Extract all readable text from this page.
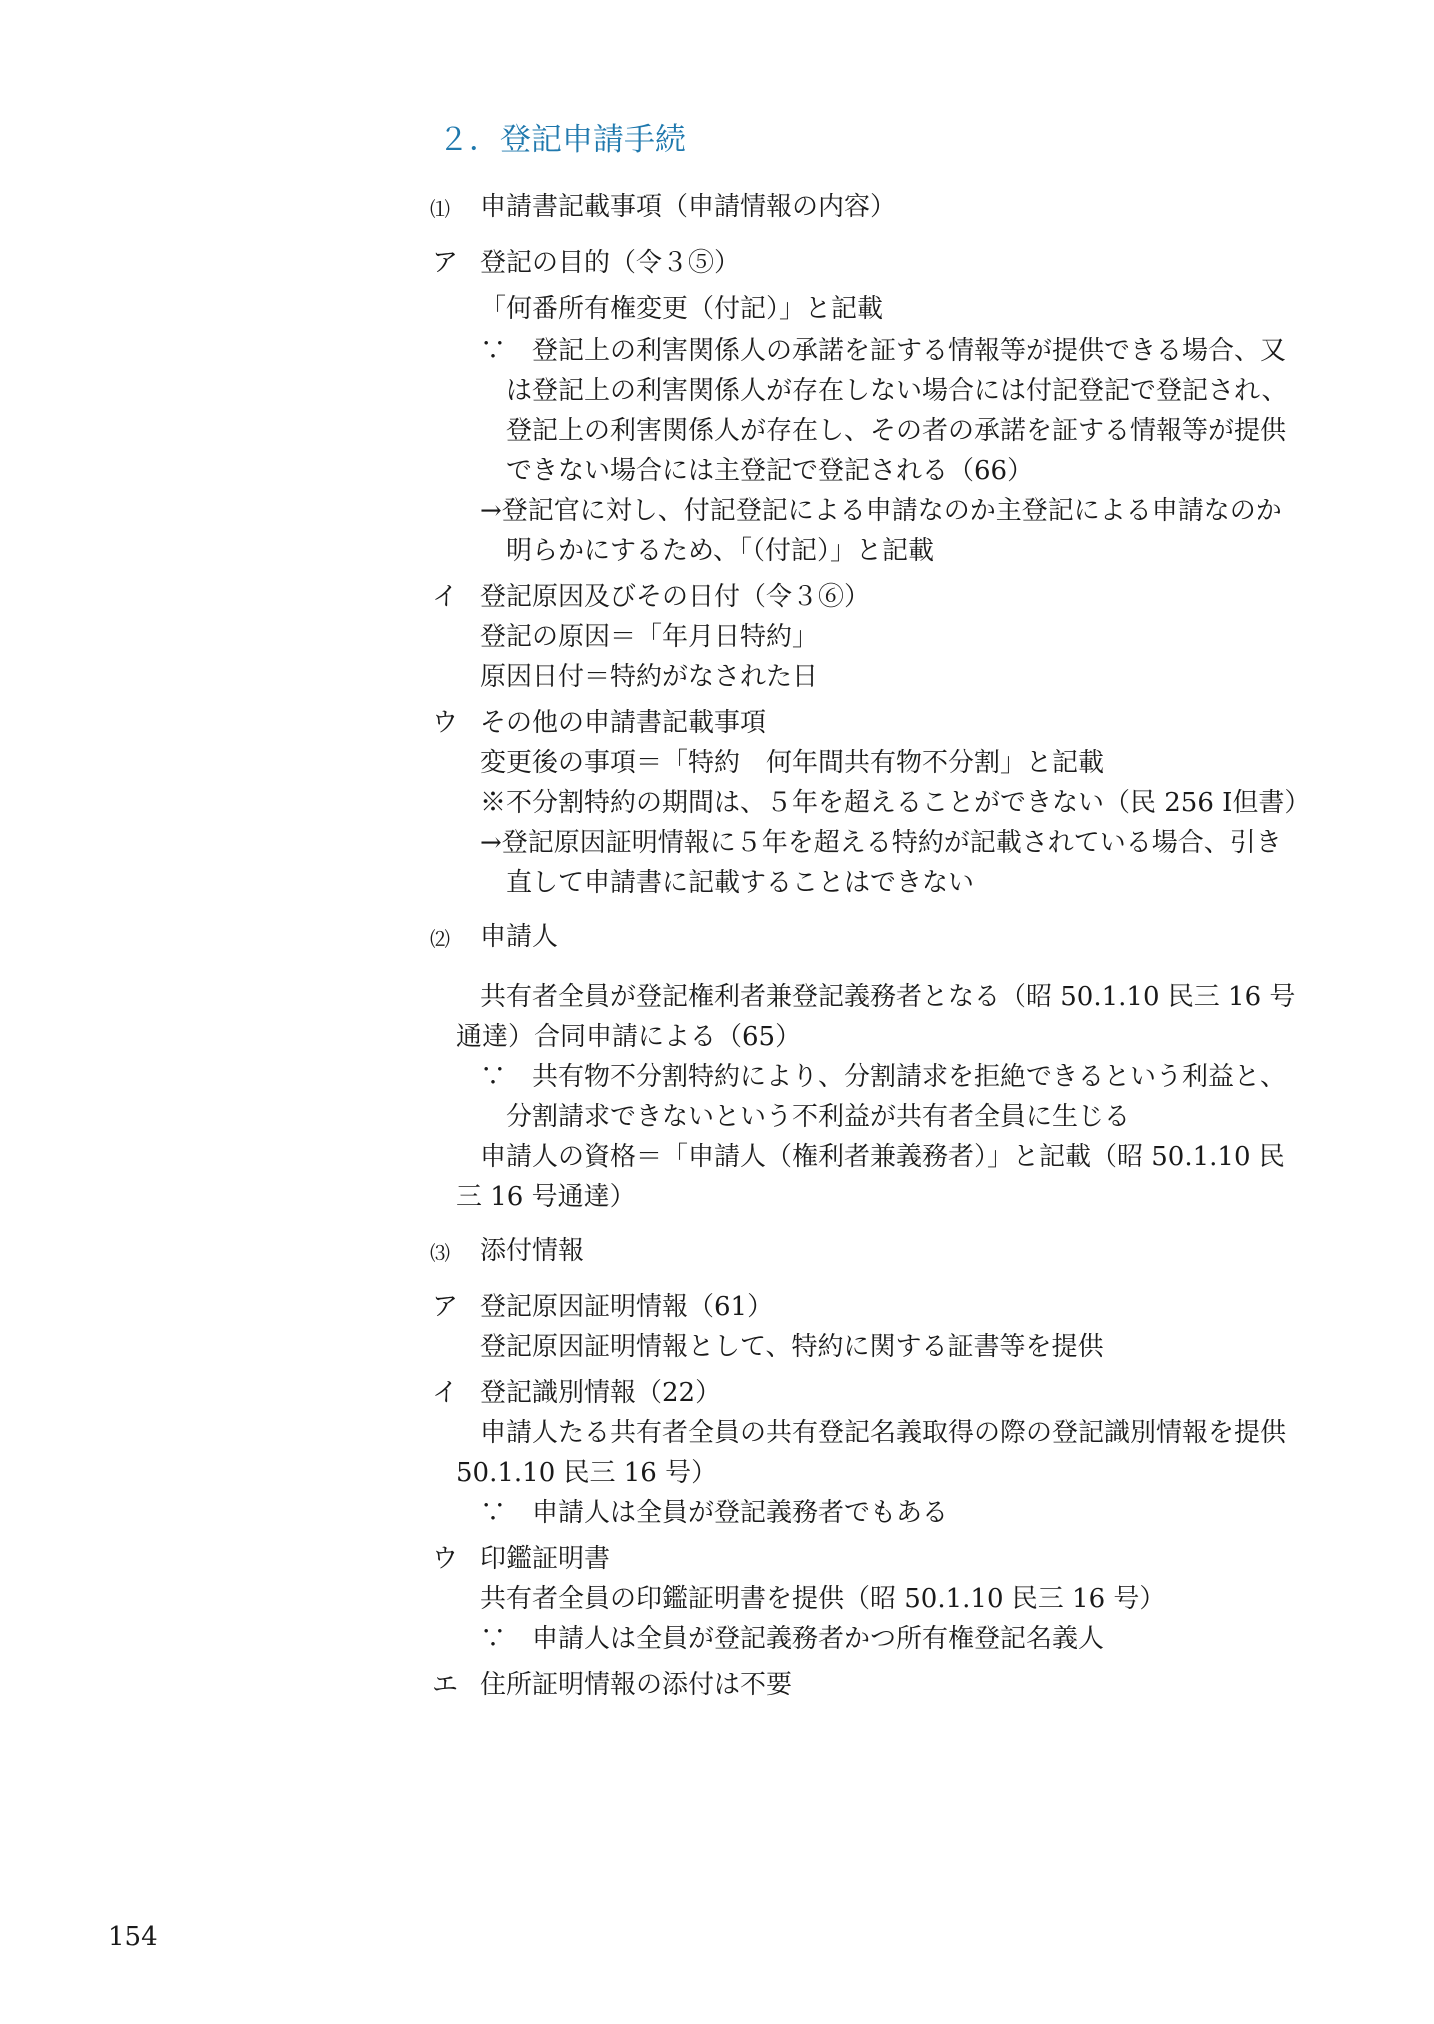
２．登記申請手続
⑴ 申請書記載事項（申請情報の内容）
ア 登記の目的（令３⑤）
「何番所有権変更（付記）」と記載
∵　登記上の利害関係人の承諾を証する情報等が提供できる場合、又
は登記上の利害関係人が存在しない場合には付記登記で登記され、
登記上の利害関係人が存在し、その者の承諾を証する情報等が提供
できない場合には主登記で登記される（66）
→登記官に対し、付記登記による申請なのか主登記による申請なのか
明らかにするため、「（付記）」と記載
イ 登記原因及びその日付（令３⑥）
登記の原因＝「年月日特約」
原因日付＝特約がなされた日
ウ その他の申請書記載事項
変更後の事項＝「特約　何年間共有物不分割」と記載
※不分割特約の期間は、５年を超えることができない（民 256 Ⅰ但書）
→登記原因証明情報に５年を超える特約が記載されている場合、引き
直して申請書に記載することはできない
⑵ 申請人
共有者全員が登記権利者兼登記義務者となる（昭 50.1.10 民三 16 号
通達）合同申請による（65）
∵　共有物不分割特約により、分割請求を拒絶できるという利益と、
分割請求できないという不利益が共有者全員に生じる
申請人の資格＝「申請人（権利者兼義務者）」と記載（昭 50.1.10 民
三 16 号通達）
⑶ 添付情報
ア 登記原因証明情報（61）
登記原因証明情報として、特約に関する証書等を提供
イ 登記識別情報（22）
申請人たる共有者全員の共有登記名義取得の際の登記識別情報を提供
50.1.10 民三 16 号）
∵　申請人は全員が登記義務者でもある
ウ 印鑑証明書
共有者全員の印鑑証明書を提供（昭 50.1.10 民三 16 号）
∵　申請人は全員が登記義務者かつ所有権登記名義人
エ 住所証明情報の添付は不要
154
